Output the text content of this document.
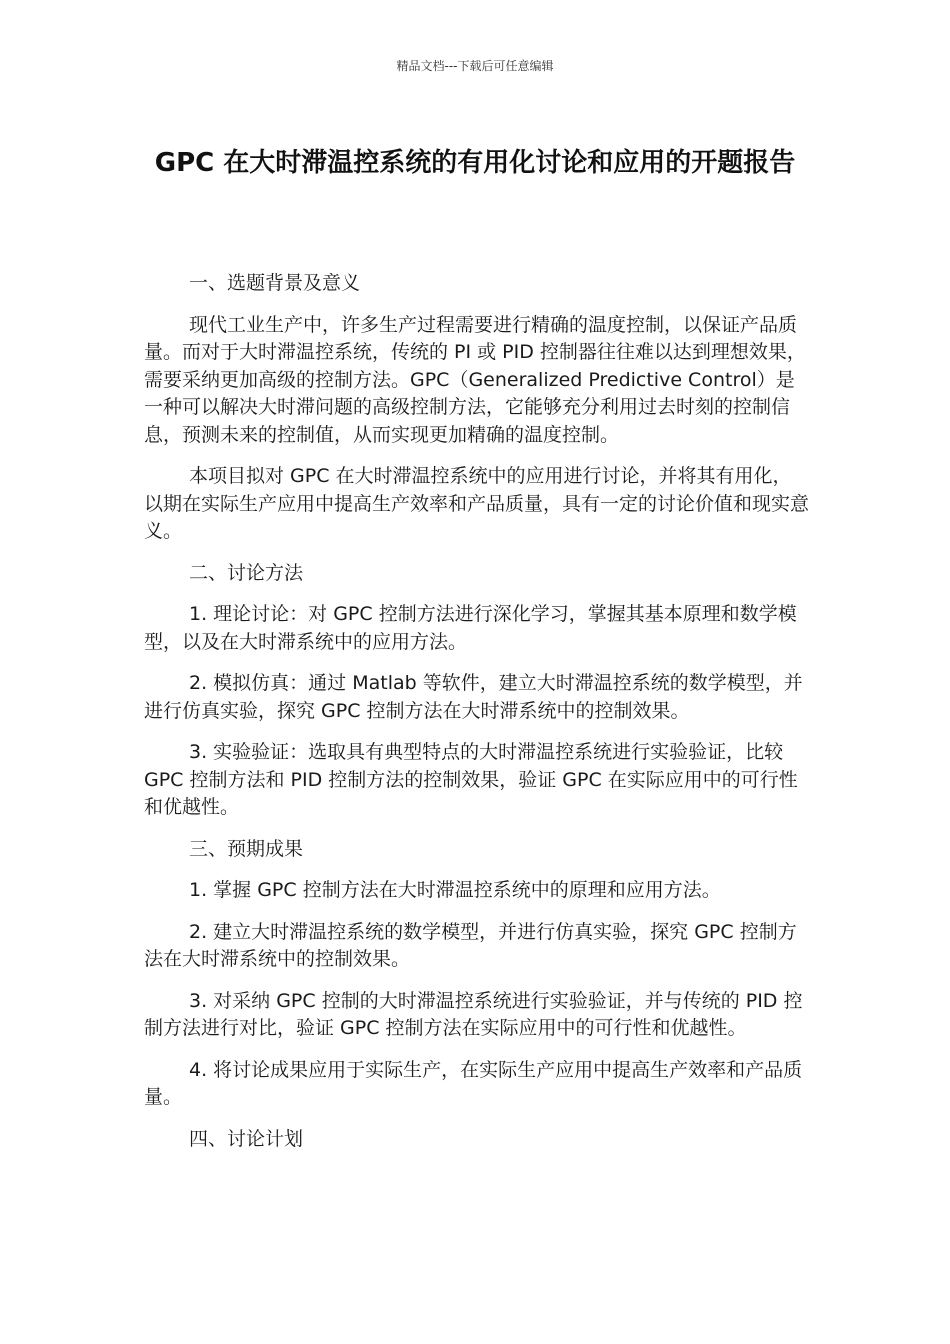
精品文档---下载后可任意编辑
GPC 在大时滞温控系统的有用化讨论和应用的开题报告

一、选题背景及意义

现代工业生产中，许多生产过程需要进行精确的温度控制，以保证产品质量。而对于大时滞温控系统，传统的 PI 或 PID 控制器往往难以达到理想效果，需要采纳更加高级的控制方法。GPC（Generalized Predictive Control）是一种可以解决大时滞问题的高级控制方法，它能够充分利用过去时刻的控制信息，预测未来的控制值，从而实现更加精确的温度控制。

本项目拟对 GPC 在大时滞温控系统中的应用进行讨论，并将其有用化，以期在实际生产应用中提高生产效率和产品质量，具有一定的讨论价值和现实意义。

二、讨论方法

1. 理论讨论：对 GPC 控制方法进行深化学习，掌握其基本原理和数学模型，以及在大时滞系统中的应用方法。

2. 模拟仿真：通过 Matlab 等软件，建立大时滞温控系统的数学模型，并进行仿真实验，探究 GPC 控制方法在大时滞系统中的控制效果。

3. 实验验证：选取具有典型特点的大时滞温控系统进行实验验证，比较 GPC 控制方法和 PID 控制方法的控制效果，验证 GPC 在实际应用中的可行性和优越性。

三、预期成果

1. 掌握 GPC 控制方法在大时滞温控系统中的原理和应用方法。

2. 建立大时滞温控系统的数学模型，并进行仿真实验，探究 GPC 控制方法在大时滞系统中的控制效果。

3. 对采纳 GPC 控制的大时滞温控系统进行实验验证，并与传统的 PID 控制方法进行对比，验证 GPC 控制方法在实际应用中的可行性和优越性。

4. 将讨论成果应用于实际生产，在实际生产应用中提高生产效率和产品质量。

四、讨论计划
